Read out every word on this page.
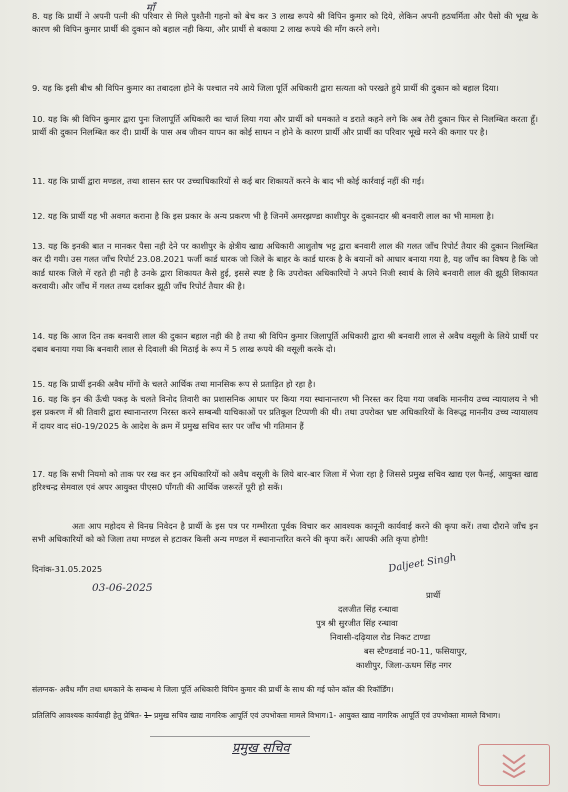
माँ
8. यह कि प्रार्थी ने अपनी पत्नी की परिवार से मिले पुश्तैनी गहनो को बेच कर 3 लाख रूपये श्री विपिन कुमार को दिये, लेकिन अपनी हठधर्मिता और पैसो की भूख के कारण श्री विपिन कुमार प्रार्थी की दुकान को बहाल नही किया, और प्रार्थी से बकाया 2 लाख रूपये की माँग करने लगे।
9. यह कि इसी बीच श्री विपिन कुमार का तबादला होने के पश्चात नये आये जिला पूर्ति अधिकारी द्वारा सत्यता को परखते हुये प्रार्थी की दुकान को बहाल दिया।
10. यह कि श्री विपिन कुमार द्वारा पुनः जिलापूर्ति अधिकारी का चार्ज लिया गया और प्रार्थी को धमकाते व डराते कहने लगे कि अब तेरी दुकान फिर से निलम्बित करता हूँ। प्रार्थी की दुकान निलम्बित कर दी। प्रार्थी के पास अब जीवन यापन का कोई साधन न होने के कारण प्रार्थी और प्रार्थी का परिवार भूखे मरने की कगार पर है।
11. यह कि प्रार्थी द्वारा मण्डल, तथा शासन स्तर पर उच्चाधिकारियों से कई बार शिकायतें करने के बाद भी कोई कार्रवाई नहीं की गई।
12. यह कि प्रार्थी यह भी अवगत कराना है कि इस प्रकार के अन्य प्रकरण भी है जिनमें अमरझण्डा काशीपुर के दुकानदार श्री बनवारी लाल का भी मामला है।
13. यह कि इनकी बात न मानकर पैसा नही देने पर काशीपुर के क्षेत्रीय खाद्य अधिकारी आशुतोष भट्ट द्वारा बनवारी लाल की गलत जाँच रिपोर्ट तैयार की दुकान निलम्बित कर दी गयी। उस गलत जाँच रिपोर्ट 23.08.2021 फर्जी कार्ड धारक जो जिले के बाहर के कार्ड धारक है के बयानों को आधार बनाया गया है, यह जाँच का विषय है कि जो कार्ड धारक जिले में रहते ही नही है उनके द्वारा शिकायत कैसे हुई, इससे स्पष्ट है कि उपरोक्त अधिकारियों ने अपने निजी स्वार्थ के लिये बनवारी लाल की झूठी शिकायत करवायी। और जाँच में गलत तथ्य दर्शाकर झूठी जाँच रिपोर्ट तैयार की है।
14. यह कि आज दिन तक बनवारी लाल की दुकान बहाल नही की है तथा श्री विपिन कुमार जिलापूर्ति अधिकारी द्वारा श्री बनवारी लाल से अवैध वसूली के लिये प्रार्थी पर दबाव बनाया गया कि बनवारी लाल से दिवाली की मिठाई के रूप में 5 लाख रूपये की वसूली करके दो।
15. यह कि प्रार्थी इनकी अवैध मॉगों के चलते आर्थिक तथा मानसिक रूप से प्रताड़ित हो रहा है।
16. यह कि इन की ऊँची पकड़ के चलते विनोद तिवारी का प्रशासनिक आधार पर किया गया स्थानान्तरण भी निरस्त कर दिया गया जबकि माननीय उच्च न्यायालय ने भी इस प्रकरण में श्री तिवारी द्वारा स्थानान्तरण निरस्त करने सम्बन्धी याचिकाओं पर प्रतिकूल टिप्पणी की थी। तथा उपरोक्त भ्रष्ट अधिकारियों के विरूद्ध माननीय उच्च न्यायालय में दायर वाद सं0-19/2025 के आदेश के क्रम में प्रमुख सचिव स्तर पर जाँच भी गतिमान हैं
17. यह कि सभी नियमो को ताक पर रख कर इन अधिकारियों को अवैध वसूली के लिये बार-बार जिला में भेजा रहा है जिससे प्रमुख सचिव खाद्य एल फैनई, आयुक्त खाद्य हरिश्चन्द्र सेमवाल एवं अपर आयुक्त पीएस0 पाँगती की आर्थिक जरूरतें पूरी हो सकें।
अतः आप महोदय से विनम्र निवेदन है प्रार्थी के इस पत्र पर गम्भीरता पूर्वक विचार कर आवश्यक कानूनी कार्यवाई करने की कृपा करें। तथा दौराने जाँच इन सभी अधिकारियों को को जिला तथा मण्डल से हटाकर किसी अन्य मण्डल में स्थानान्तरित करने की कृपा करें। आपकी अति कृपा होगी!
दिनांक-31.05.2025	Daljeet Singh
03-06-2025
प्रार्थी
दलजीत सिंह रन्धावा
पुत्र श्री सुरजीत सिंह रन्धावा
निवासी-दढ़ियाल रोड निकट टाण्डा
बस स्टैण्डवार्ड न0-11, फसियापुर,
काशीपुर, जिला-ऊधम सिंह नगर
संलग्नक- अवैध माँग तथा धमकाने के सम्बन्ध मे जिला पूर्ति अधिकारी विपिन कुमार की प्रार्थी के साथ की गई फोन कॉल की रिकॉर्डिंग।
प्रतिलिपि आवश्यक कार्यवाही हेतु प्रेषित- 1- प्रमुख सचिव खाद्य नागरिक आपूर्ति एवं उपभोक्ता मामले विभाग।1- आयुक्त खाद्य नागरिक आपूर्ति एवं उपभोक्ता मामले विभाग।
प्रमुख सचिव
